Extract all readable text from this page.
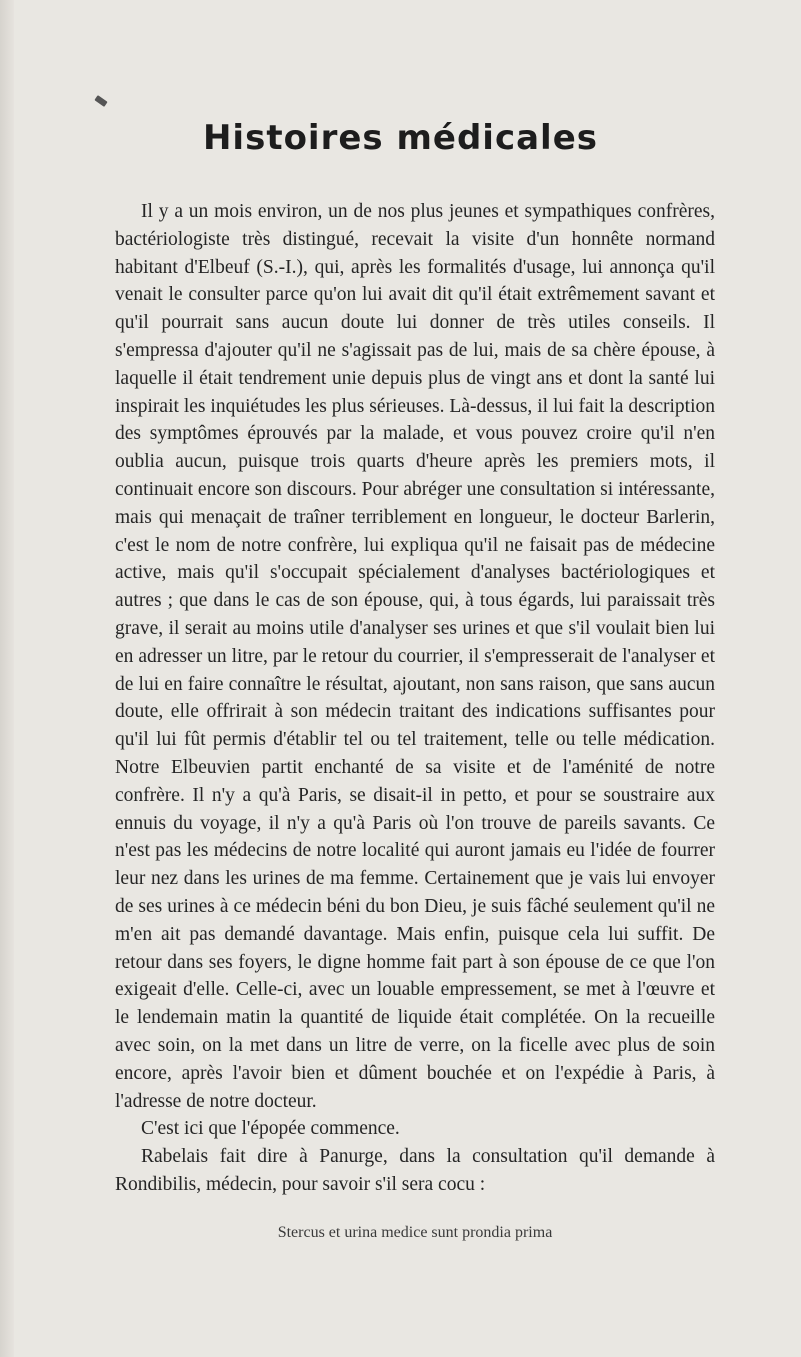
Histoires médicales

Il y a un mois environ, un de nos plus jeunes et sympathiques confrères, bactériologiste très distingué, recevait la visite d'un honnête normand habitant d'Elbeuf (S.-I.), qui, après les formalités d'usage, lui annonça qu'il venait le consulter parce qu'on lui avait dit qu'il était extrêmement savant et qu'il pourrait sans aucun doute lui donner de très utiles conseils. Il s'empressa d'ajouter qu'il ne s'agissait pas de lui, mais de sa chère épouse, à laquelle il était tendrement unie depuis plus de vingt ans et dont la santé lui inspirait les inquiétudes les plus sérieuses. Là-dessus, il lui fait la description des symptômes éprouvés par la malade, et vous pouvez croire qu'il n'en oublia aucun, puisque trois quarts d'heure après les premiers mots, il continuait encore son discours. Pour abréger une consultation si intéressante, mais qui menaçait de traîner terriblement en longueur, le docteur Barlerin, c'est le nom de notre confrère, lui expliqua qu'il ne faisait pas de médecine active, mais qu'il s'occupait spécialement d'analyses bactériologiques et autres ; que dans le cas de son épouse, qui, à tous égards, lui paraissait très grave, il serait au moins utile d'analyser ses urines et que s'il voulait bien lui en adresser un litre, par le retour du courrier, il s'empresserait de l'analyser et de lui en faire connaître le résultat, ajoutant, non sans raison, que sans aucun doute, elle offrirait à son médecin traitant des indications suffisantes pour qu'il lui fût permis d'établir tel ou tel traitement, telle ou telle médication. Notre Elbeuvien partit enchanté de sa visite et de l'aménité de notre confrère. Il n'y a qu'à Paris, se disait-il in petto, et pour se soustraire aux ennuis du voyage, il n'y a qu'à Paris où l'on trouve de pareils savants. Ce n'est pas les médecins de notre localité qui auront jamais eu l'idée de fourrer leur nez dans les urines de ma femme. Certainement que je vais lui envoyer de ses urines à ce médecin béni du bon Dieu, je suis fâché seulement qu'il ne m'en ait pas demandé davantage. Mais enfin, puisque cela lui suffit. De retour dans ses foyers, le digne homme fait part à son épouse de ce que l'on exigeait d'elle. Celle-ci, avec un louable empressement, se met à l'œuvre et le lendemain matin la quantité de liquide était complétée. On la recueille avec soin, on la met dans un litre de verre, on la ficelle avec plus de soin encore, après l'avoir bien et dûment bouchée et on l'expédie à Paris, à l'adresse de notre docteur.

C'est ici que l'épopée commence.

Rabelais fait dire à Panurge, dans la consultation qu'il demande à Rondibilis, médecin, pour savoir s'il sera cocu :

Stercus et urina medice sunt prondia prima
